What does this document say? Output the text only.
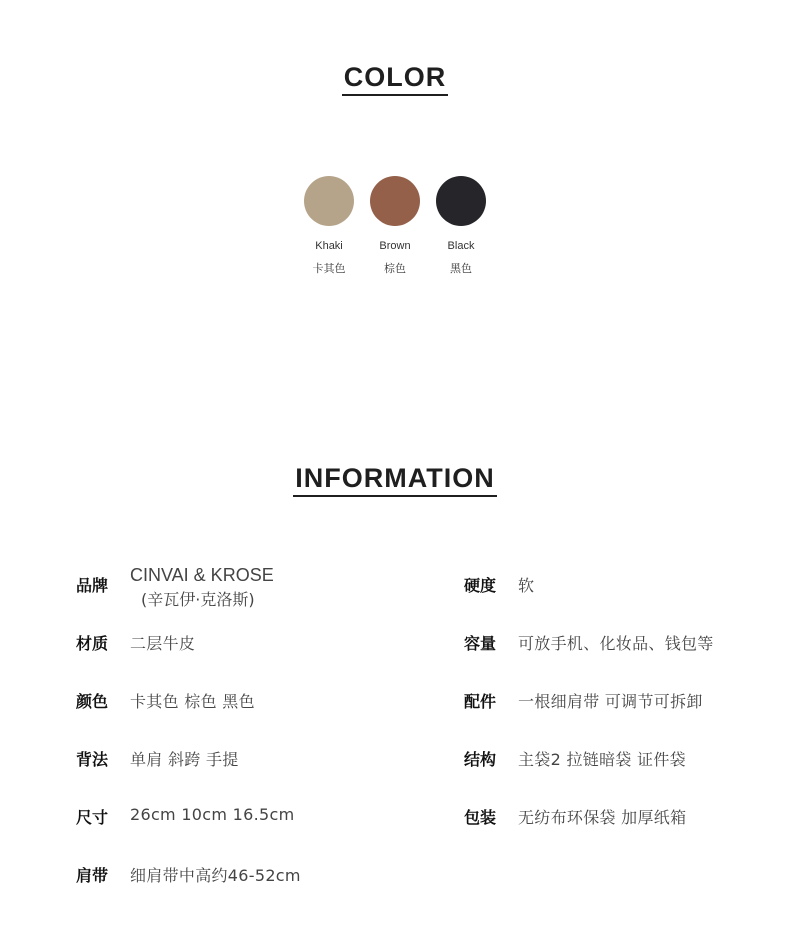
COLOR
Khaki
卡其色
Brown
棕色
Black
黑色
INFORMATION
品牌
CINVAI & KROSE
(辛瓦伊·克洛斯)
材质 二层牛皮
颜色 卡其色 棕色 黑色
背法 单肩 斜跨 手提
尺寸 26cm 10cm 16.5cm
肩带 细肩带中高约46-52cm
硬度 软
容量 可放手机、化妆品、钱包等
配件 一根细肩带 可调节可拆卸
结构 主袋2 拉链暗袋 证件袋
包装 无纺布环保袋 加厚纸箱
